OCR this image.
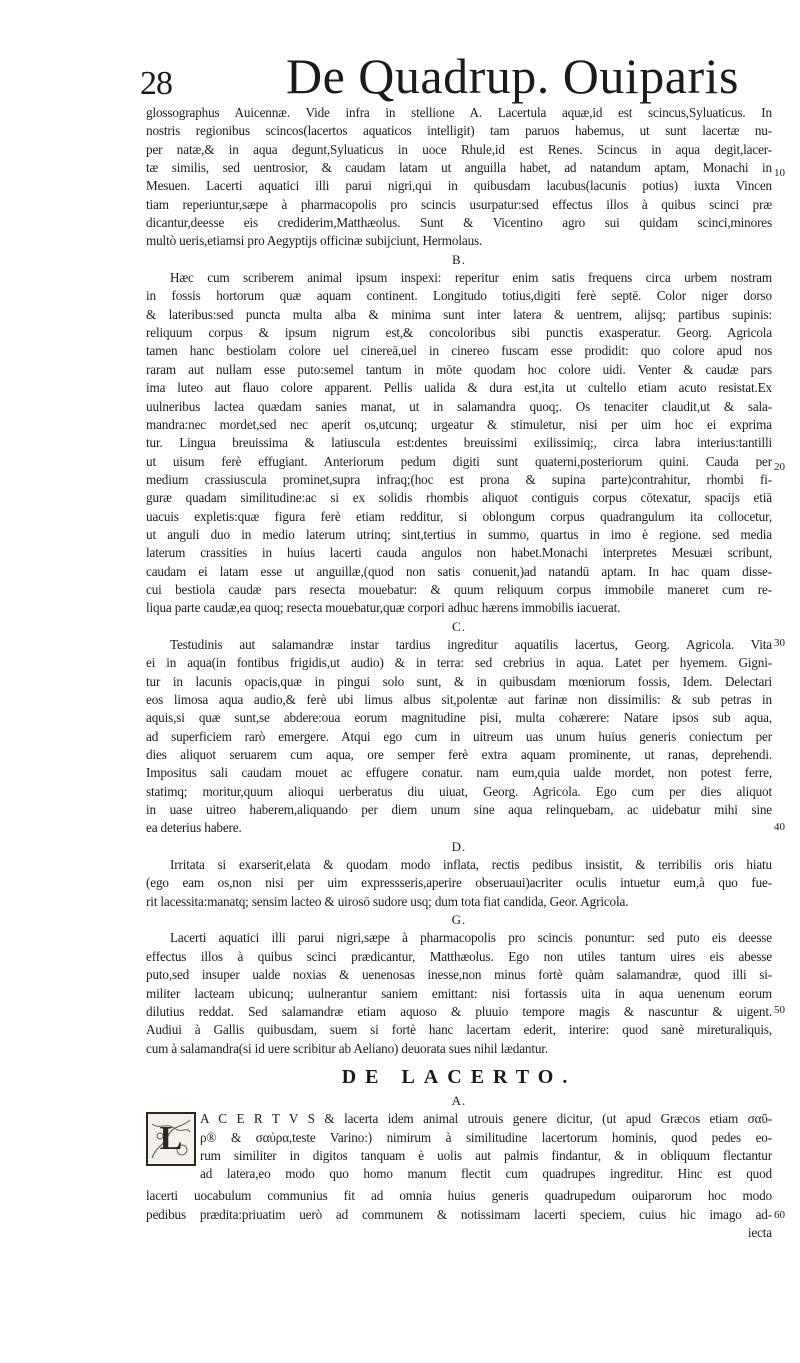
28 De Quadrup. Ouiparis
10
20
30
40
50
60
glossographus Auicennæ. Vide infra in stellione A. Lacertula aquæ,id est scincus,Syluaticus. In
nostris regionibus scincos(lacertos aquaticos intelligit) tam paruos habemus, ut sunt lacertæ nu-
per natæ,& in aqua degunt,Syluaticus in uoce Rhule,id est Renes. Scincus in aqua degit,lacer-
tæ similis, sed uentrosior, & caudam latam ut anguilla habet, ad natandum aptam, Monachi in
Mesuen. Lacerti aquatici illi parui nigri,qui in quibusdam lacubus(lacunis potius) iuxta Vincen
tiam reperiuntur,sæpe à pharmacopolis pro scincis usurpatur:sed effectus illos à quibus scinci præ
dicantur,deesse eis crediderim,Matthæolus. Sunt & Vicentino agro sui quidam scinci,minores
multò ueris,etiamsi pro Aegyptijs officinæ subijciunt, Hermolaus.
B.
Hæc cum scriberem animal ipsum inspexi: reperitur enim satis frequens circa urbem nostram
in fossis hortorum quæ aquam continent. Longitudo totius,digiti ferè septē. Color niger dorso
& lateribus:sed puncta multa alba & minima sunt inter latera & uentrem, alijsq; partibus supinis:
reliquum corpus & ipsum nigrum est,& concoloribus sibi punctis exasperatur. Georg. Agricola
tamen hanc bestiolam colore uel cinereā,uel in cinereo fuscam esse prodidit: quo colore apud nos
raram aut nullam esse puto:semel tantum in mōte quodam hoc colore uidi. Venter & caudæ pars
ima luteo aut flauo colore apparent. Pellis ualida & dura est,ita ut cultello etiam acuto resistat.Ex
uulneribus lactea quædam sanies manat, ut in salamandra quoq;. Os tenaciter claudit,ut & sala-
mandra:nec mordet,sed nec aperit os,utcunq; urgeatur & stimuletur, nisi per uim hoc ei exprima
tur. Lingua breuissima & latiuscula est:dentes breuissimi exilissimiq;, circa labra interius:tantilli
ut uisum ferè effugiant. Anteriorum pedum digiti sunt quaterni,posteriorum quini. Cauda per
medium crassiuscula prominet,supra infraq;(hoc est prona & supina parte)contrahitur, rhombi fi-
guræ quadam similitudine:ac si ex solidis rhombis aliquot contiguis corpus cōtexatur, spacijs etiā
uacuis expletis:quæ figura ferè etiam redditur, si oblongum corpus quadrangulum ita collocetur,
ut anguli duo in medio laterum utrinq; sint,tertius in summo, quartus in imo è regione. sed media
laterum crassities in huius lacerti cauda angulos non habet.Monachi interpretes Mesuæi scribunt,
caudam ei latam esse ut anguillæ,(quod non satis conuenit,)ad natandū aptam. In hac quam disse-
cui bestiola caudæ pars resecta mouebatur: & quum reliquum corpus immobile maneret cum re-
liqua parte caudæ,ea quoq; resecta mouebatur,quæ corpori adhuc hærens immobilis iacuerat.
C.
Testudinis aut salamandræ instar tardius ingreditur aquatilis lacertus, Georg. Agricola. Vita
ei in aqua(in fontibus frigidis,ut audio) & in terra: sed crebrius in aqua. Latet per hyemem. Gigni-
tur in lacunis opacis,quæ in pingui solo sunt, & in quibusdam mœniorum fossis, Idem. Delectari
eos limosa aqua audio,& ferè ubi limus albus sit,polentæ aut farinæ non dissimilis: & sub petras in
aquis,si quæ sunt,se abdere:oua eorum magnitudine pisi, multa cohærere: Natare ipsos sub aqua,
ad superficiem rarò emergere. Atqui ego cum in uitreum uas unum huius generis coniectum per
dies aliquot seruarem cum aqua, ore semper ferè extra aquam prominente, ut ranas, deprehendi.
Impositus sali caudam mouet ac effugere conatur. nam eum,quia ualde mordet, non potest ferre,
statimq; moritur,quum alioqui uerberatus diu uiuat, Georg. Agricola. Ego cum per dies aliquot
in uase uitreo haberem,aliquando per diem unum sine aqua relinquebam, ac uidebatur mihi sine
ea deterius habere.
D.
Irritata si exarserit,elata & quodam modo inflata, rectis pedibus insistit, & terribilis oris hiatu
(ego eam os,non nisi per uim expressseris,aperire obseruaui)acriter oculis intuetur eum,à quo fue-
rit lacessita:manatq; sensim lacteo & uirosō sudore usq; dum tota fiat candida, Geor. Agricola.
G.
Lacerti aquatici illi parui nigri,sæpe à pharmacopolis pro scincis ponuntur: sed puto eis deesse
effectus illos à quibus scinci prædicantur, Matthæolus. Ego non utiles tantum uires eis abesse
puto,sed insuper ualde noxias & uenenosas inesse,non minus fortè quàm salamandræ, quod illi si-
militer lacteam ubicunq; uulnerantur saniem emittant: nisi fortassis uita in aqua uenenum eorum
dilutius reddat. Sed salamandræ etiam aquoso & pluuio tempore magis & nascuntur & uigent.
Audiui à Gallis quibusdam, suem si fortè hanc lacertam ederit, interire: quod sanè mireturaliquis,
cum à salamandra(si id uere scribitur ab Aeliano) deuorata sues nihil lædantur.
DE LACERTO.
A.
L
A C E R T V S & lacerta idem animal utrouis genere dicitur, (ut apud Græcos etiam σαῦ-
ρ® & σαύρα,teste Varino:) nimirum à similitudine lacertorum hominis, quod pedes eo-
rum similiter in digitos tanquam è uolis aut palmis findantur, & in obliquum flectantur
ad latera,eo modo quo homo manum flectit cum quadrupes ingreditur. Hinc est quod
lacerti uocabulum communius fit ad omnia huius generis quadrupedum ouiparorum hoc modo
pedibus prædita:priuatim uerò ad communem & notissimam lacerti speciem, cuius hic imago ad-
iecta
